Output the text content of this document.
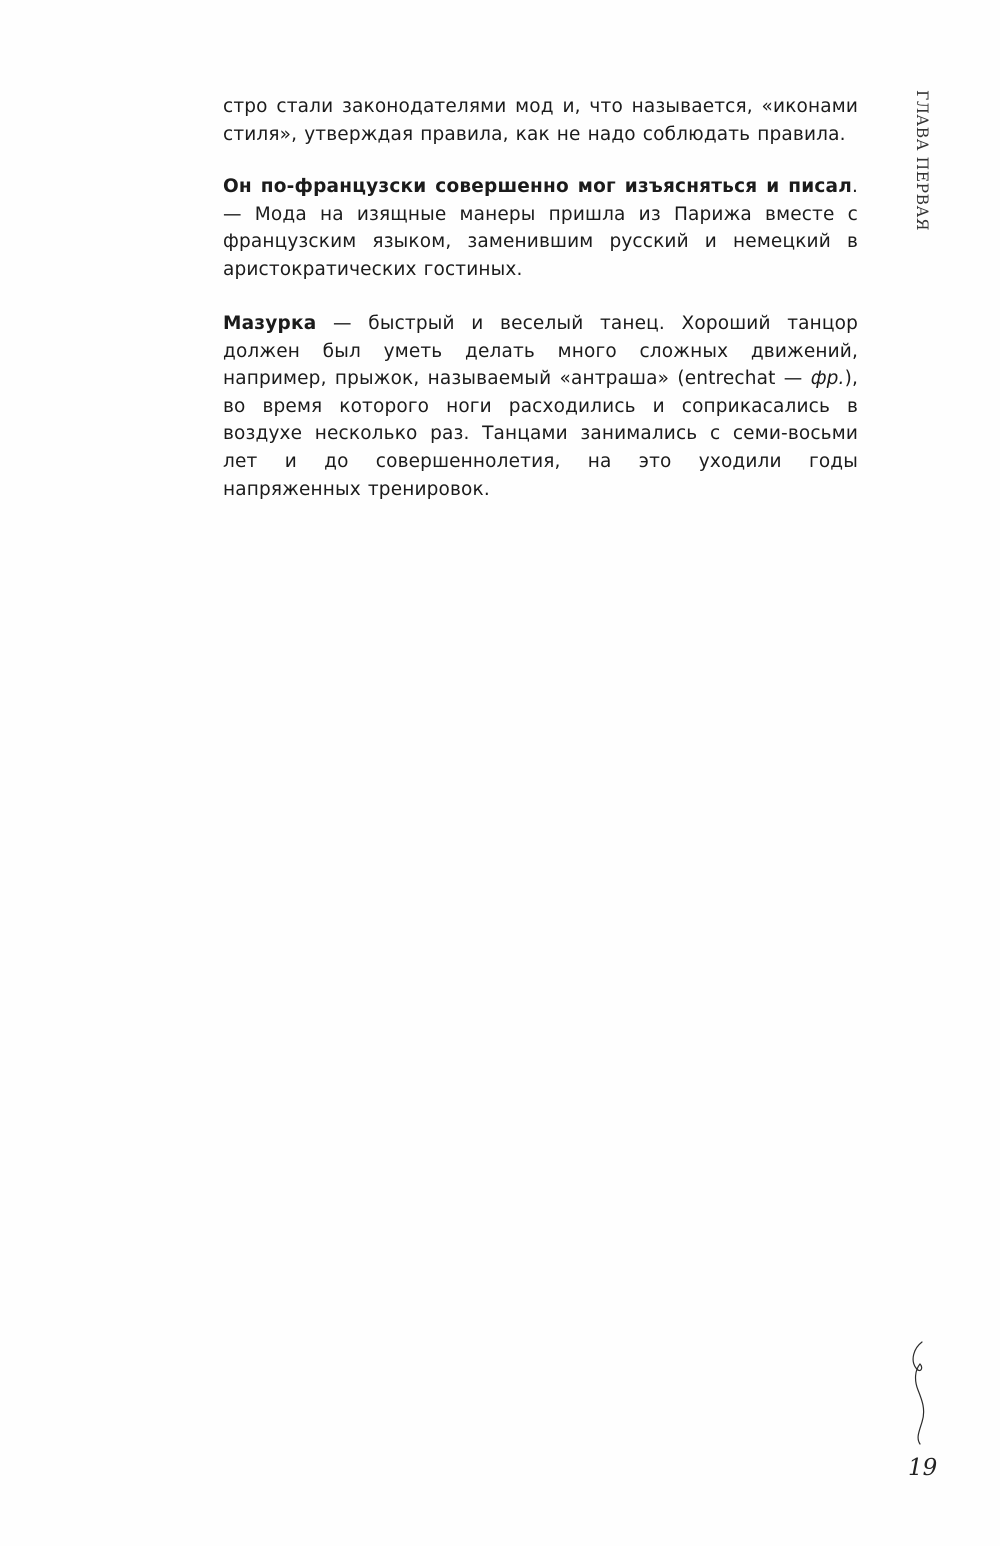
ГЛАВА ПЕРВАЯ
стро стали законодателями мод и, что называется, «иконами стиля», утверждая правила, как не надо соблюдать правила.
Он по-французски совершенно мог изъясняться и писал. — Мода на изящные манеры пришла из Парижа вместе с французским языком, заменившим русский и немецкий в аристократических гостиных.
Мазурка — быстрый и веселый танец. Хороший танцор должен был уметь делать много сложных движений, например, прыжок, называемый «антраша» (entrechat — фр.), во время которого ноги расходились и соприкасались в воздухе несколько раз. Танцами занимались с семи-восьми лет и до совершеннолетия, на это уходили годы напряженных тренировок.
19
